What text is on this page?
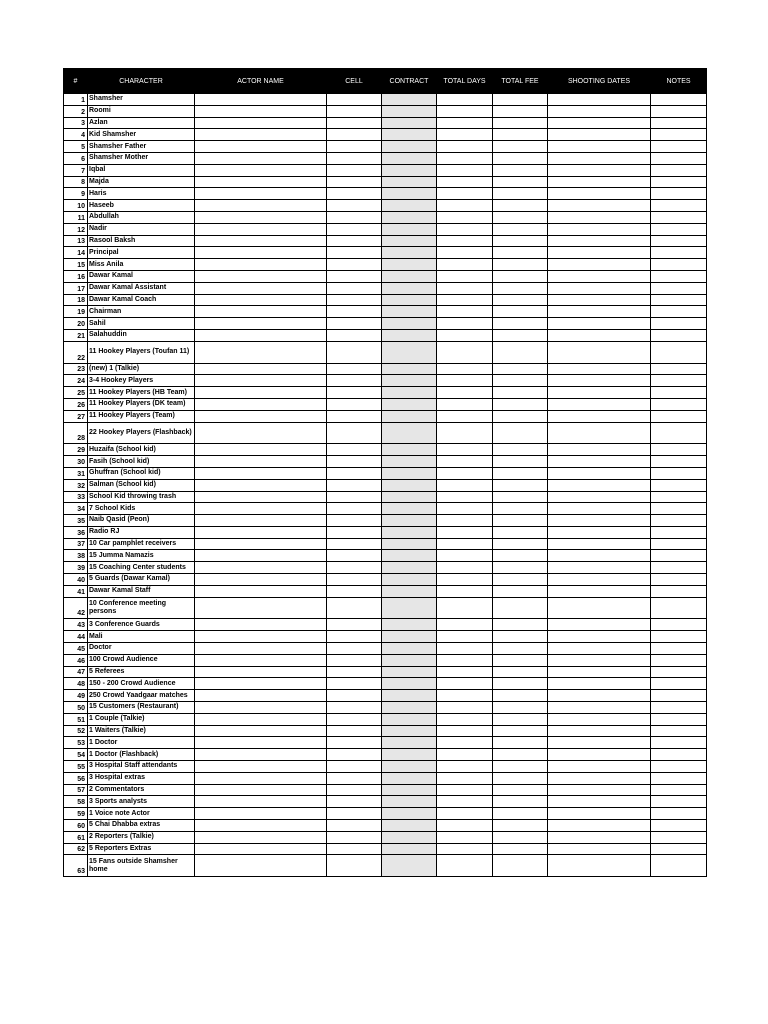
#	CHARACTER	ACTOR NAME	CELL	CONTRACT	TOTAL DAYS	TOTAL FEE	SHOOTING DATES	NOTES
1	Shamsher							
2	Roomi							
3	Azlan							
4	Kid Shamsher							
5	Shamsher Father							
6	Shamsher Mother							
7	Iqbal							
8	Majda							
9	Haris							
10	Haseeb							
11	Abdullah							
12	Nadir							
13	Rasool Baksh							
14	Principal							
15	Miss Anila							
16	Dawar Kamal							
17	Dawar Kamal Assistant							
18	Dawar Kamal Coach							
19	Chairman							
20	Sahil							
21	Salahuddin							
22	11 Hookey Players (Toufan 11)							
23	(new) 1 (Talkie)							
24	3-4 Hookey Players							
25	11 Hookey Players (HB Team)							
26	11 Hookey Players (DK team)							
27	11 Hookey Players (Team)							
28	22 Hookey Players (Flashback)							
29	Huzaifa (School kid)							
30	Fasih (School kid)							
31	Ghuffran (School kid)							
32	Salman (School kid)							
33	School Kid throwing trash							
34	7 School Kids							
35	Naib Qasid (Peon)							
36	Radio RJ							
37	10 Car pamphlet receivers							
38	15 Jumma Namazis							
39	15 Coaching Center students							
40	5 Guards (Dawar Kamal)							
41	Dawar Kamal Staff							
42	10 Conference meeting persons							
43	3 Conference Guards							
44	Mali							
45	Doctor							
46	100 Crowd Audience							
47	5 Referees							
48	150 - 200 Crowd Audience							
49	250 Crowd Yaadgaar matches							
50	15 Customers (Restaurant)							
51	1 Couple (Talkie)							
52	1 Waiters (Talkie)							
53	1 Doctor							
54	1 Doctor (Flashback)							
55	3 Hospital Staff attendants							
56	3 Hospital extras							
57	2 Commentators							
58	3 Sports analysts							
59	1 Voice note Actor							
60	5 Chai Dhabba extras							
61	2 Reporters (Talkie)							
62	5 Reporters Extras							
63	15 Fans outside Shamsher home							
